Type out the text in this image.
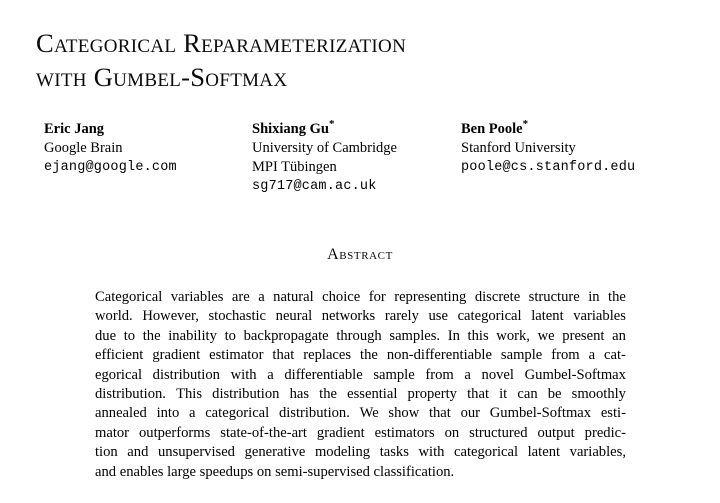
Categorical Reparameterization
with Gumbel-Softmax
Eric Jang
Google Brain
ejang@google.com
Shixiang Gu*
University of Cambridge
MPI Tübingen
sg717@cam.ac.uk
Ben Poole*
Stanford University
poole@cs.stanford.edu
Abstract
Categorical variables are a natural choice for representing discrete structure in the
world. However, stochastic neural networks rarely use categorical latent variables
due to the inability to backpropagate through samples. In this work, we present an
efficient gradient estimator that replaces the non-differentiable sample from a cat-
egorical distribution with a differentiable sample from a novel Gumbel-Softmax
distribution. This distribution has the essential property that it can be smoothly
annealed into a categorical distribution. We show that our Gumbel-Softmax esti-
mator outperforms state-of-the-art gradient estimators on structured output predic-
tion and unsupervised generative modeling tasks with categorical latent variables,
and enables large speedups on semi-supervised classification.
